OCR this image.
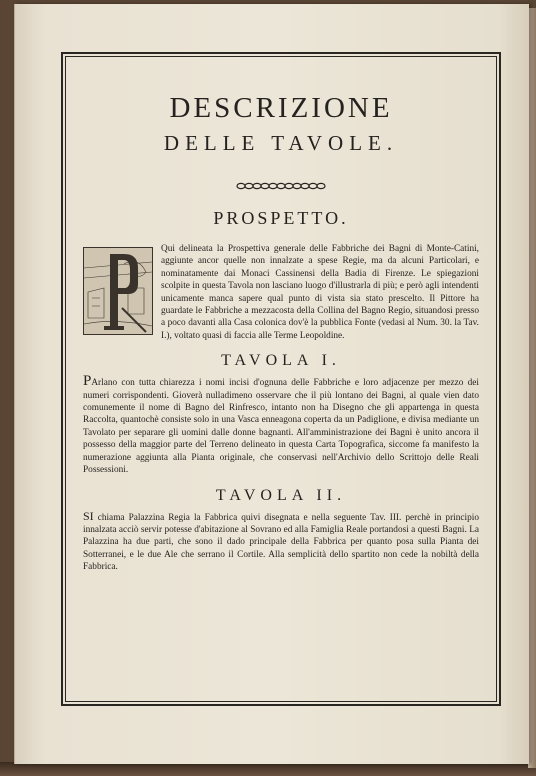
DESCRIZIONE
DELLE TAVOLE.
PROSPETTO.

Qui delineata la Prospettiva generale delle Fabbriche dei Bagni di Monte-Catini, aggiunte ancor quelle non innalzate a spese Regie, ma da alcuni Particolari, e nominatamente dai Monaci Cassinensi della Badia di Firenze. Le spiegazioni scolpite in questa Tavola non lasciano luogo d'illustrarla di più; e però agli intendenti unicamente manca sapere qual punto di vista sia stato prescelto. Il Pittore ha guardate le Fabbriche a mezzacosta della Collina del Bagno Regio, situandosi presso a poco davanti alla Casa colonica dov'è la pubblica Fonte (vedasi al Num. 30. la Tav. I.), voltato quasi di faccia alle Terme Leopoldine.

TAVOLA I.

PArlano con tutta chiarezza i nomi incisi d'ognuna delle Fabbriche e loro adjacenze per mezzo dei numeri corrispondenti. Gioverà nulladimeno osservare che il più lontano dei Bagni, al quale vien dato comunemente il nome di Bagno del Rinfresco, intanto non ha Disegno che gli appartenga in questa Raccolta, quantochè consiste solo in una Vasca enneagona coperta da un Padiglione, e divisa mediante un Tavolato per separare gli uomini dalle donne bagnanti. All'amministrazione dei Bagni è unito ancora il possesso della maggior parte del Terreno delineato in questa Carta Topografica, siccome fa manifesto la numerazione aggiunta alla Pianta originale, che conservasi nell'Archivio dello Scrittojo delle Reali Possessioni.

TAVOLA II.

SI chiama Palazzina Regia la Fabbrica quivi disegnata e nella seguente Tav. III. perchè in principio innalzata acciò servir potesse d'abitazione al Sovrano ed alla Famiglia Reale portandosi a questi Bagni. La Palazzina ha due parti, che sono il dado principale della Fabbrica per quanto posa sulla Pianta dei Sotterranei, e le due Ale che serrano il Cortile. Alla semplicità dello spartito non cede la nobiltà della Fabbrica.
